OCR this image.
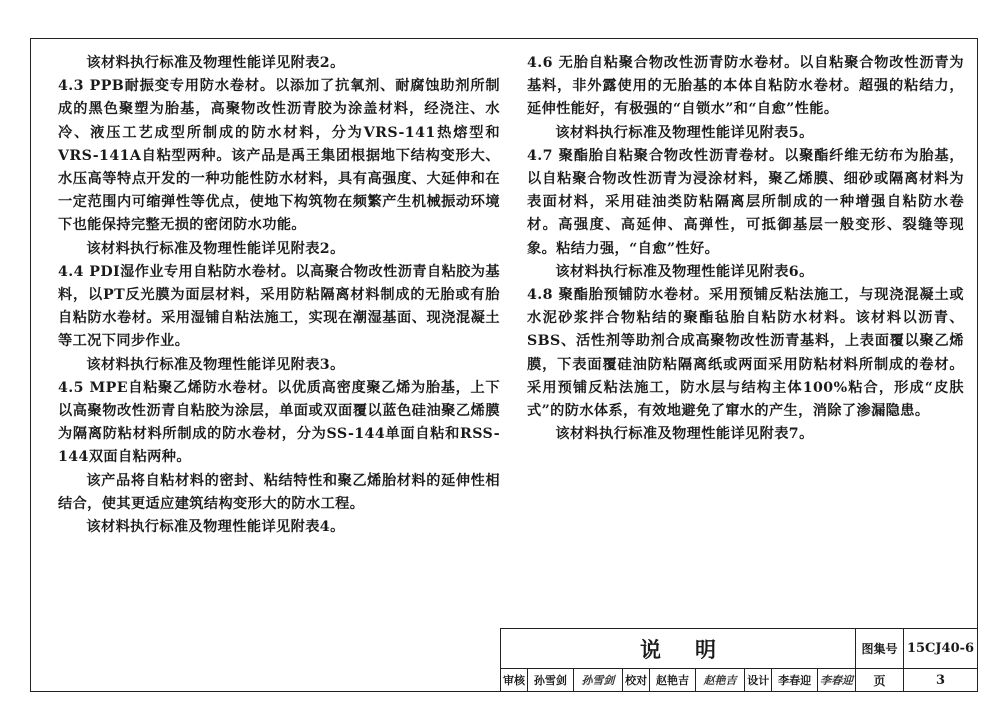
该材料执行标准及物理性能详见附表2。

4.3 PPB耐振变专用防水卷材。以添加了抗氧剂、耐腐蚀助剂所制成的黑色聚塑为胎基，高聚物改性沥青胶为涂盖材料，经浇注、水冷、液压工艺成型所制成的防水材料，分为VRS-141热熔型和VRS-141A自粘型两种。该产品是禹王集团根据地下结构变形大、水压高等特点开发的一种功能性防水材料，具有高强度、大延伸和在一定范围内可缩弹性等优点，使地下构筑物在频繁产生机械振动环境下也能保持完整无损的密闭防水功能。

该材料执行标准及物理性能详见附表2。

4.4 PDI湿作业专用自粘防水卷材。以高聚合物改性沥青自粘胶为基料，以PT反光膜为面层材料，采用防粘隔离材料制成的无胎或有胎自粘防水卷材。采用湿铺自粘法施工，实现在潮湿基面、现浇混凝土等工况下同步作业。

该材料执行标准及物理性能详见附表3。

4.5 MPE自粘聚乙烯防水卷材。以优质高密度聚乙烯为胎基，上下以高聚物改性沥青自粘胶为涂层，单面或双面覆以蓝色硅油聚乙烯膜为隔离防粘材料所制成的防水卷材，分为SS-144单面自粘和RSS-144双面自粘两种。

该产品将自粘材料的密封、粘结特性和聚乙烯胎材料的延伸性相结合，使其更适应建筑结构变形大的防水工程。

该材料执行标准及物理性能详见附表4。

4.6 无胎自粘聚合物改性沥青防水卷材。以自粘聚合物改性沥青为基料，非外露使用的无胎基的本体自粘防水卷材。超强的粘结力，延伸性能好，有极强的“自锁水”和“自愈”性能。

该材料执行标准及物理性能详见附表5。

4.7 聚酯胎自粘聚合物改性沥青卷材。以聚酯纤维无纺布为胎基，以自粘聚合物改性沥青为浸涂材料，聚乙烯膜、细砂或隔离材料为表面材料，采用硅油类防粘隔离层所制成的一种增强自粘防水卷材。高强度、高延伸、高弹性，可抵御基层一般变形、裂缝等现象。粘结力强，“自愈”性好。

该材料执行标准及物理性能详见附表6。

4.8 聚酯胎预铺防水卷材。采用预铺反粘法施工，与现浇混凝土或水泥砂浆拌合物粘结的聚酯毡胎自粘防水材料。该材料以沥青、SBS、活性剂等助剂合成高聚物改性沥青基料，上表面覆以聚乙烯膜，下表面覆硅油防粘隔离纸或两面采用防粘材料所制成的卷材。采用预铺反粘法施工，防水层与结构主体100%粘合，形成“皮肤式”的防水体系，有效地避免了窜水的产生，消除了渗漏隐患。

该材料执行标准及物理性能详见附表7。

说明	图集号 15CJ40-6
审核 孙雪剑	孙雪剑 校对 赵艳吉	赵艳吉 设计 李春迎 李春迎	页	3
